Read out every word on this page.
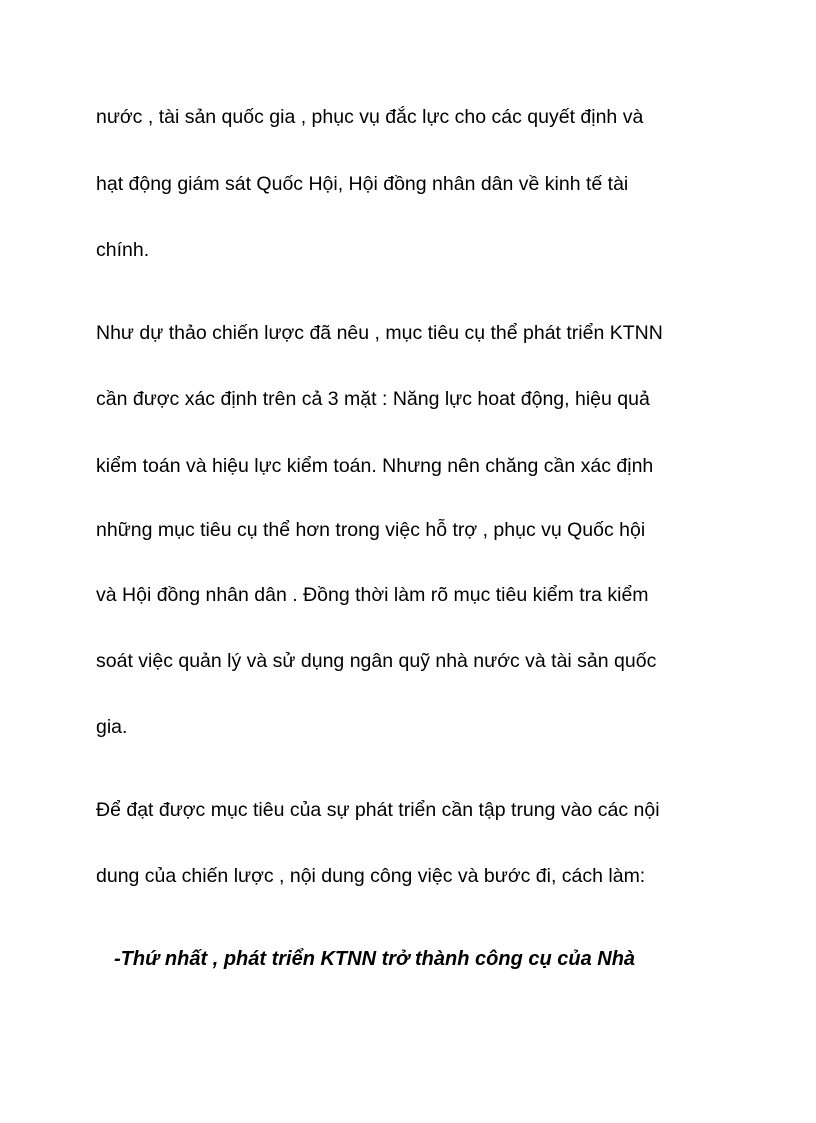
nước , tài sản quốc gia , phục vụ đắc lực cho các quyết định và
hạt động giám sát Quốc Hội, Hội đồng nhân dân về kinh tế tài
chính.
Như dự thảo chiến lược đã nêu , mục tiêu cụ thể phát triển KTNN
cần được xác định trên cả 3 mặt : Năng lực hoat động, hiệu quả
kiểm toán và hiệu lực kiểm toán. Nhưng nên chăng cần xác định
những mục tiêu cụ thể hơn trong việc hỗ trợ , phục vụ Quốc hội
và Hội đồng nhân dân . Đồng thời làm rõ mục tiêu kiểm tra kiểm
soát việc quản lý và sử dụng ngân quỹ nhà nước và tài sản quốc
gia.
Để đạt được mục tiêu của sự phát triển cần tập trung vào các nội
dung của chiến lược , nội dung công việc và bước đi, cách làm:
-Thứ nhất , phát triển KTNN trở thành công cụ của Nhà
